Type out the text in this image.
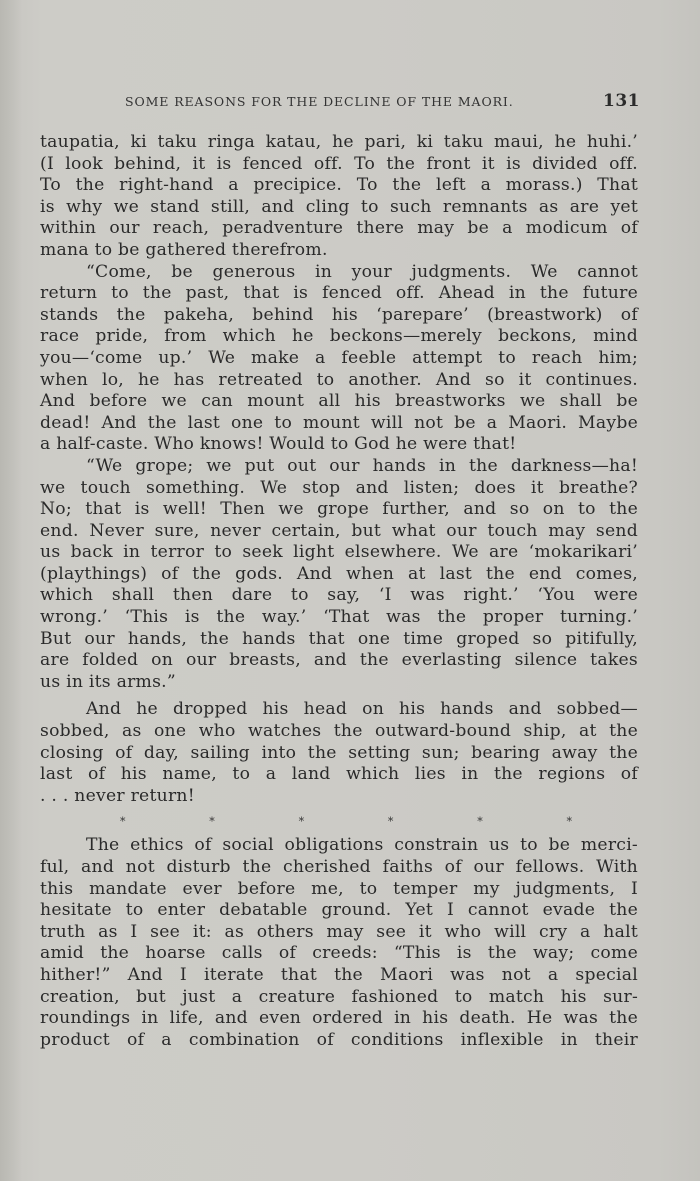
SOME REASONS FOR THE DECLINE OF THE MAORI.	131
taupatia, ki taku ringa katau, he pari, ki taku maui, he huhi.’
(I look behind, it is fenced off. To the front it is divided off.
To the right-hand a precipice. To the left a morass.) That
is why we stand still, and cling to such remnants as are yet
within our reach, peradventure there may be a modicum of
mana to be gathered therefrom.
“Come, be generous in your judgments. We cannot
return to the past, that is fenced off. Ahead in the future
stands the pakeha, behind his ‘parepare’ (breastwork) of
race pride, from which he beckons—merely beckons, mind
you—‘come up.’ We make a feeble attempt to reach him;
when lo, he has retreated to another. And so it continues.
And before we can mount all his breastworks we shall be
dead! And the last one to mount will not be a Maori. Maybe
a half-caste. Who knows! Would to God he were that!
“We grope; we put out our hands in the darkness—ha!
we touch something. We stop and listen; does it breathe?
No; that is well! Then we grope further, and so on to the
end. Never sure, never certain, but what our touch may send
us back in terror to seek light elsewhere. We are ‘mokarikari’
(playthings) of the gods. And when at last the end comes,
which shall then dare to say, ‘I was right.’ ‘You were
wrong.’ ‘This is the way.’ ‘That was the proper turning.’
But our hands, the hands that one time groped so pitifully,
are folded on our breasts, and the everlasting silence takes
us in its arms.”
And he dropped his head on his hands and sobbed—
sobbed, as one who watches the outward-bound ship, at the
closing of day, sailing into the setting sun; bearing away the
last of his name, to a land which lies in the regions of
. . . never return!
*	*	*	*	*	*
The ethics of social obligations constrain us to be merci-
ful, and not disturb the cherished faiths of our fellows. With
this mandate ever before me, to temper my judgments, I
hesitate to enter debatable ground. Yet I cannot evade the
truth as I see it: as others may see it who will cry a halt
amid the hoarse calls of creeds: “This is the way; come
hither!” And I iterate that the Maori was not a special
creation, but just a creature fashioned to match his sur-
roundings in life, and even ordered in his death. He was the
product of a combination of conditions inflexible in their
